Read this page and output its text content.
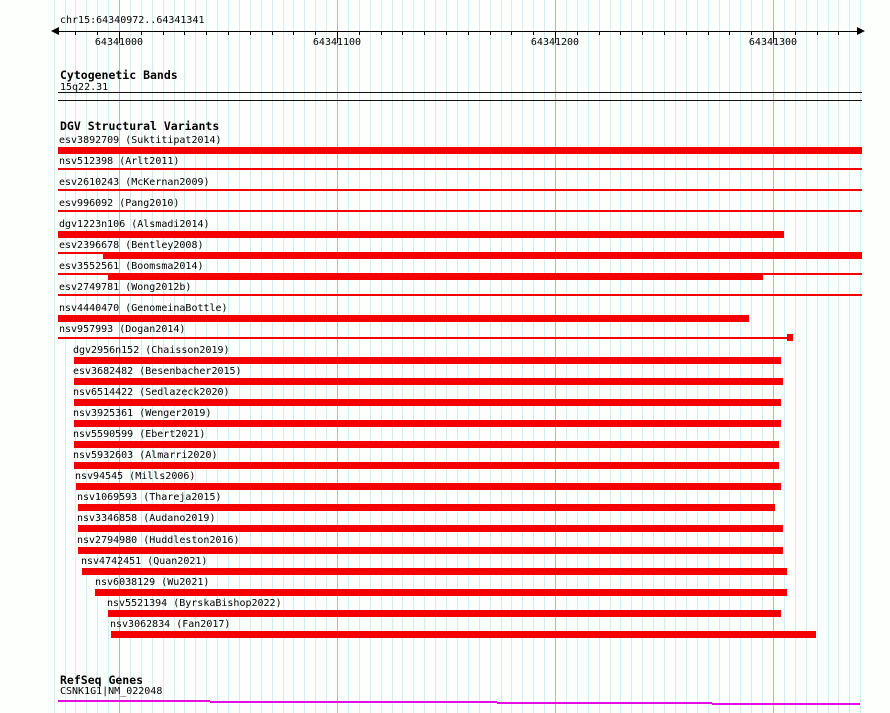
chr15:64340972..64341341
64341000	64341100	64341200	64341300
Cytogenetic Bands
15q22.31
DGV Structural Variants
esv3892709 (Suktitipat2014)
nsv512398 (Arlt2011)
esv2610243 (McKernan2009)
esv996092 (Pang2010)
dgv1223n106 (Alsmadi2014)
esv2396678 (Bentley2008)
esv3552561 (Boomsma2014)
esv2749781 (Wong2012b)
nsv4440470 (GenomeinaBottle)
nsv957993 (Dogan2014)
dgv2956n152 (Chaisson2019)
esv3682482 (Besenbacher2015)
nsv6514422 (Sedlazeck2020)
nsv3925361 (Wenger2019)
nsv5590599 (Ebert2021)
nsv5932603 (Almarri2020)
nsv94545 (Mills2006)
nsv1069593 (Thareja2015)
nsv3346858 (Audano2019)
nsv2794980 (Huddleston2016)
nsv4742451 (Quan2021)
nsv6038129 (Wu2021)
nsv5521394 (ByrskaBishop2022)
nsv3062834 (Fan2017)
RefSeq Genes
CSNK1G1|NM_022048
